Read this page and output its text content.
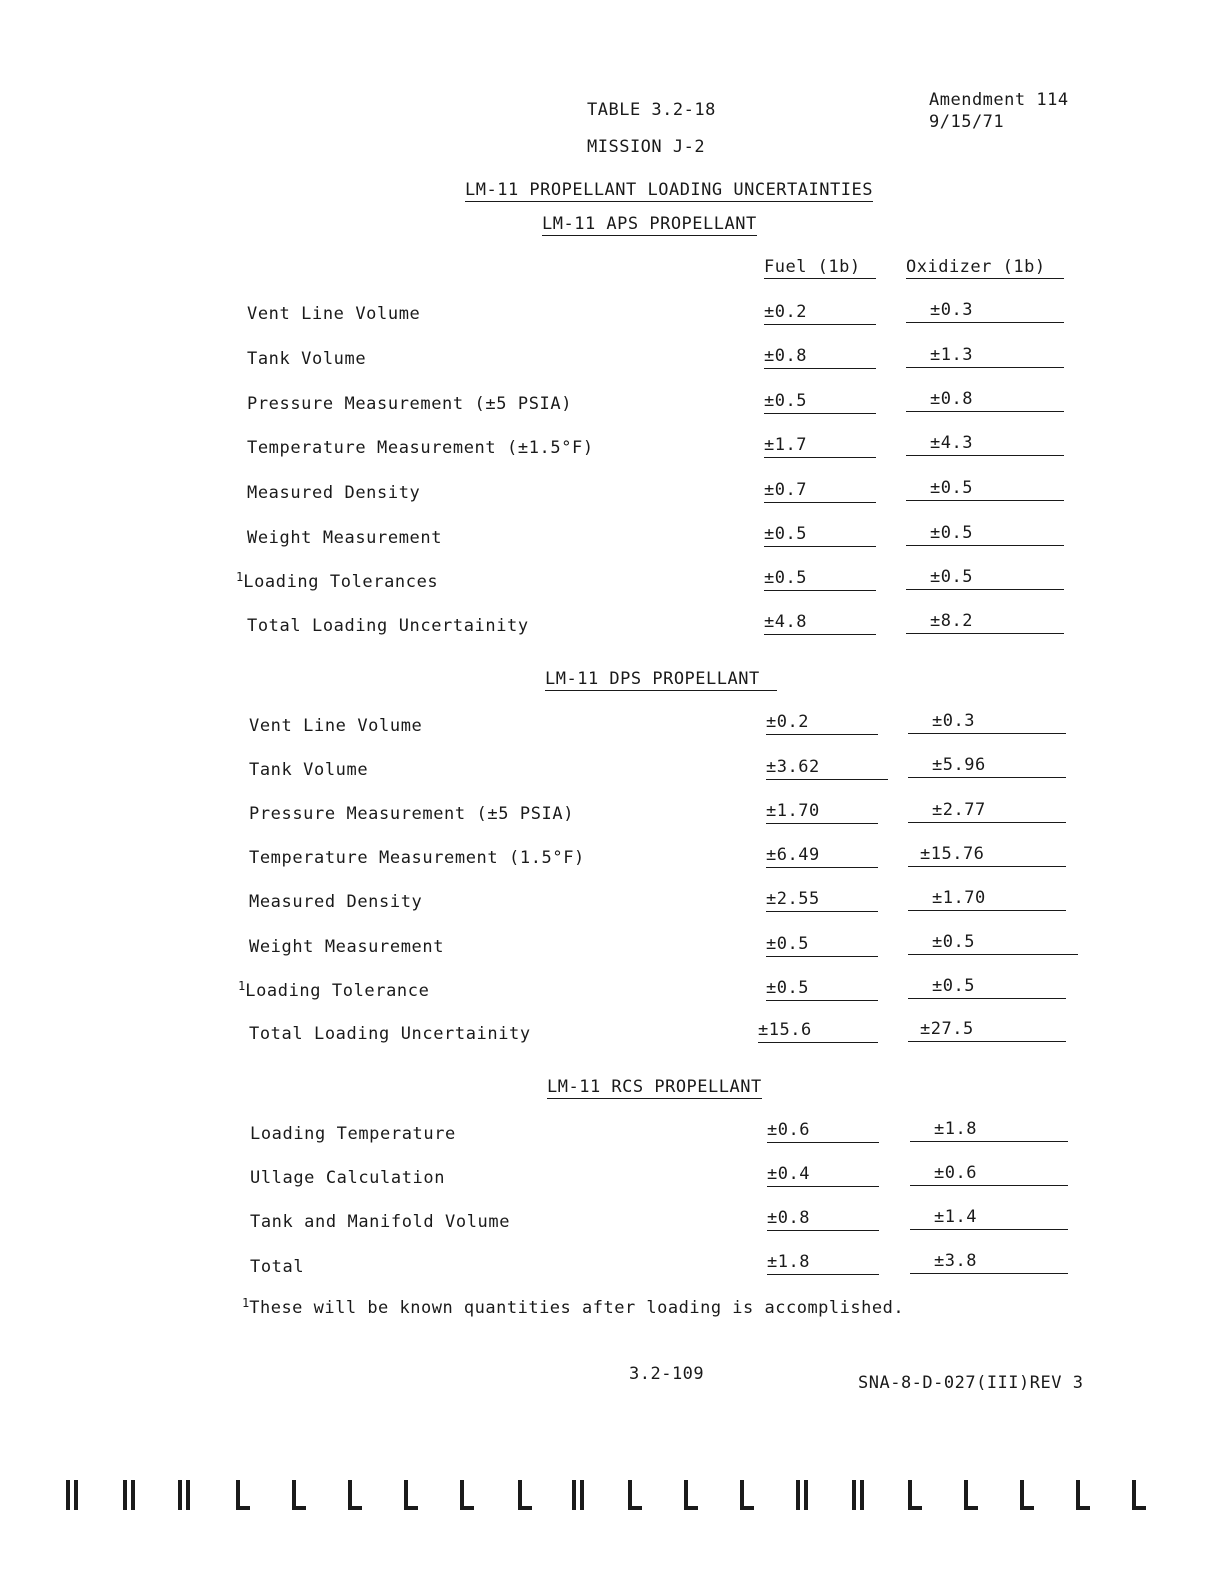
TABLE 3.2-18	Amendment 114
9/15/71
MISSION J-2
LM-11 PROPELLANT LOADING UNCERTAINTIES
LM-11 APS PROPELLANT
Fuel (1b)	Oxidizer (1b)
Vent Line Volume	±0.2	±0.3
Tank Volume	±0.8	±1.3
Pressure Measurement (±5 PSIA)	±0.5	±0.8
Temperature Measurement (±1.5°F)	±1.7	±4.3
Measured Density	±0.7	±0.5
Weight Measurement	±0.5	±0.5
$^1$Loading Tolerances	±0.5	±0.5
Total Loading Uncertainity	±4.8	±8.2
LM-11 DPS PROPELLANT
Vent Line Volume	±0.2	±0.3
Tank Volume	±3.62	±5.96
Pressure Measurement (±5 PSIA)	±1.70	±2.77
Temperature Measurement (1.5°F)	±6.49	±15.76
Measured Density	±2.55	±1.70
Weight Measurement	±0.5	±0.5
$^1$Loading Tolerance	±0.5	±0.5
Total Loading Uncertainity	±15.6	±27.5
LM-11 RCS PROPELLANT
Loading Temperature	±0.6	±1.8
Ullage Calculation	±0.4	±0.6
Tank and Manifold Volume	±0.8	±1.4
Total	±1.8	±3.8
$^1$These will be known quantities after loading is accomplished.
3.2-109	SNA-8-D-027(III)REV 3
